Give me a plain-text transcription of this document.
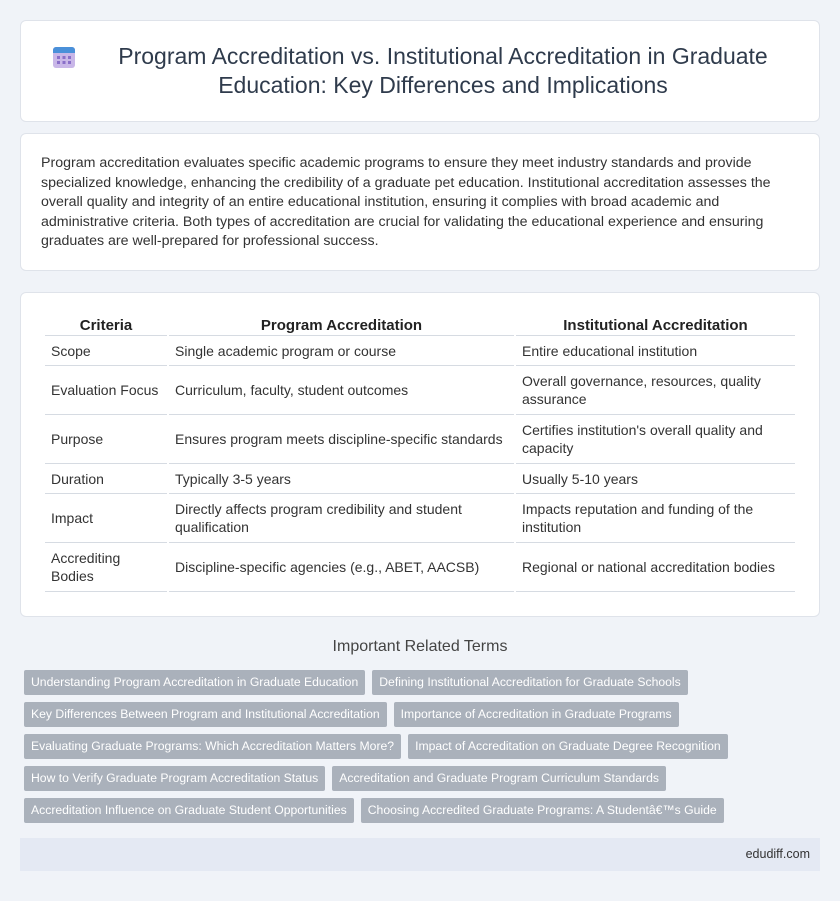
Program Accreditation vs. Institutional Accreditation in Graduate Education: Key Differences and Implications

Program accreditation evaluates specific academic programs to ensure they meet industry standards and provide specialized knowledge, enhancing the credibility of a graduate pet education. Institutional accreditation assesses the overall quality and integrity of an entire educational institution, ensuring it complies with broad academic and administrative criteria. Both types of accreditation are crucial for validating the educational experience and ensuring graduates are well-prepared for professional success.

Criteria	Program Accreditation	Institutional Accreditation
Scope	Single academic program or course	Entire educational institution
Evaluation Focus	Curriculum, faculty, student outcomes	Overall governance, resources, quality assurance
Purpose	Ensures program meets discipline-specific standards	Certifies institution's overall quality and capacity
Duration	Typically 3-5 years	Usually 5-10 years
Impact	Directly affects program credibility and student qualification	Impacts reputation and funding of the institution
Accrediting Bodies	Discipline-specific agencies (e.g., ABET, AACSB)	Regional or national accreditation bodies
Important Related Terms
Understanding Program Accreditation in Graduate Education	Defining Institutional Accreditation for Graduate Schools
Key Differences Between Program and Institutional Accreditation	Importance of Accreditation in Graduate Programs
Evaluating Graduate Programs: Which Accreditation Matters More?	Impact of Accreditation on Graduate Degree Recognition
How to Verify Graduate Program Accreditation Status	Accreditation and Graduate Program Curriculum Standards
Accreditation Influence on Graduate Student Opportunities	Choosing Accredited Graduate Programs: A Studentâ€™s Guide
edudiff.com
